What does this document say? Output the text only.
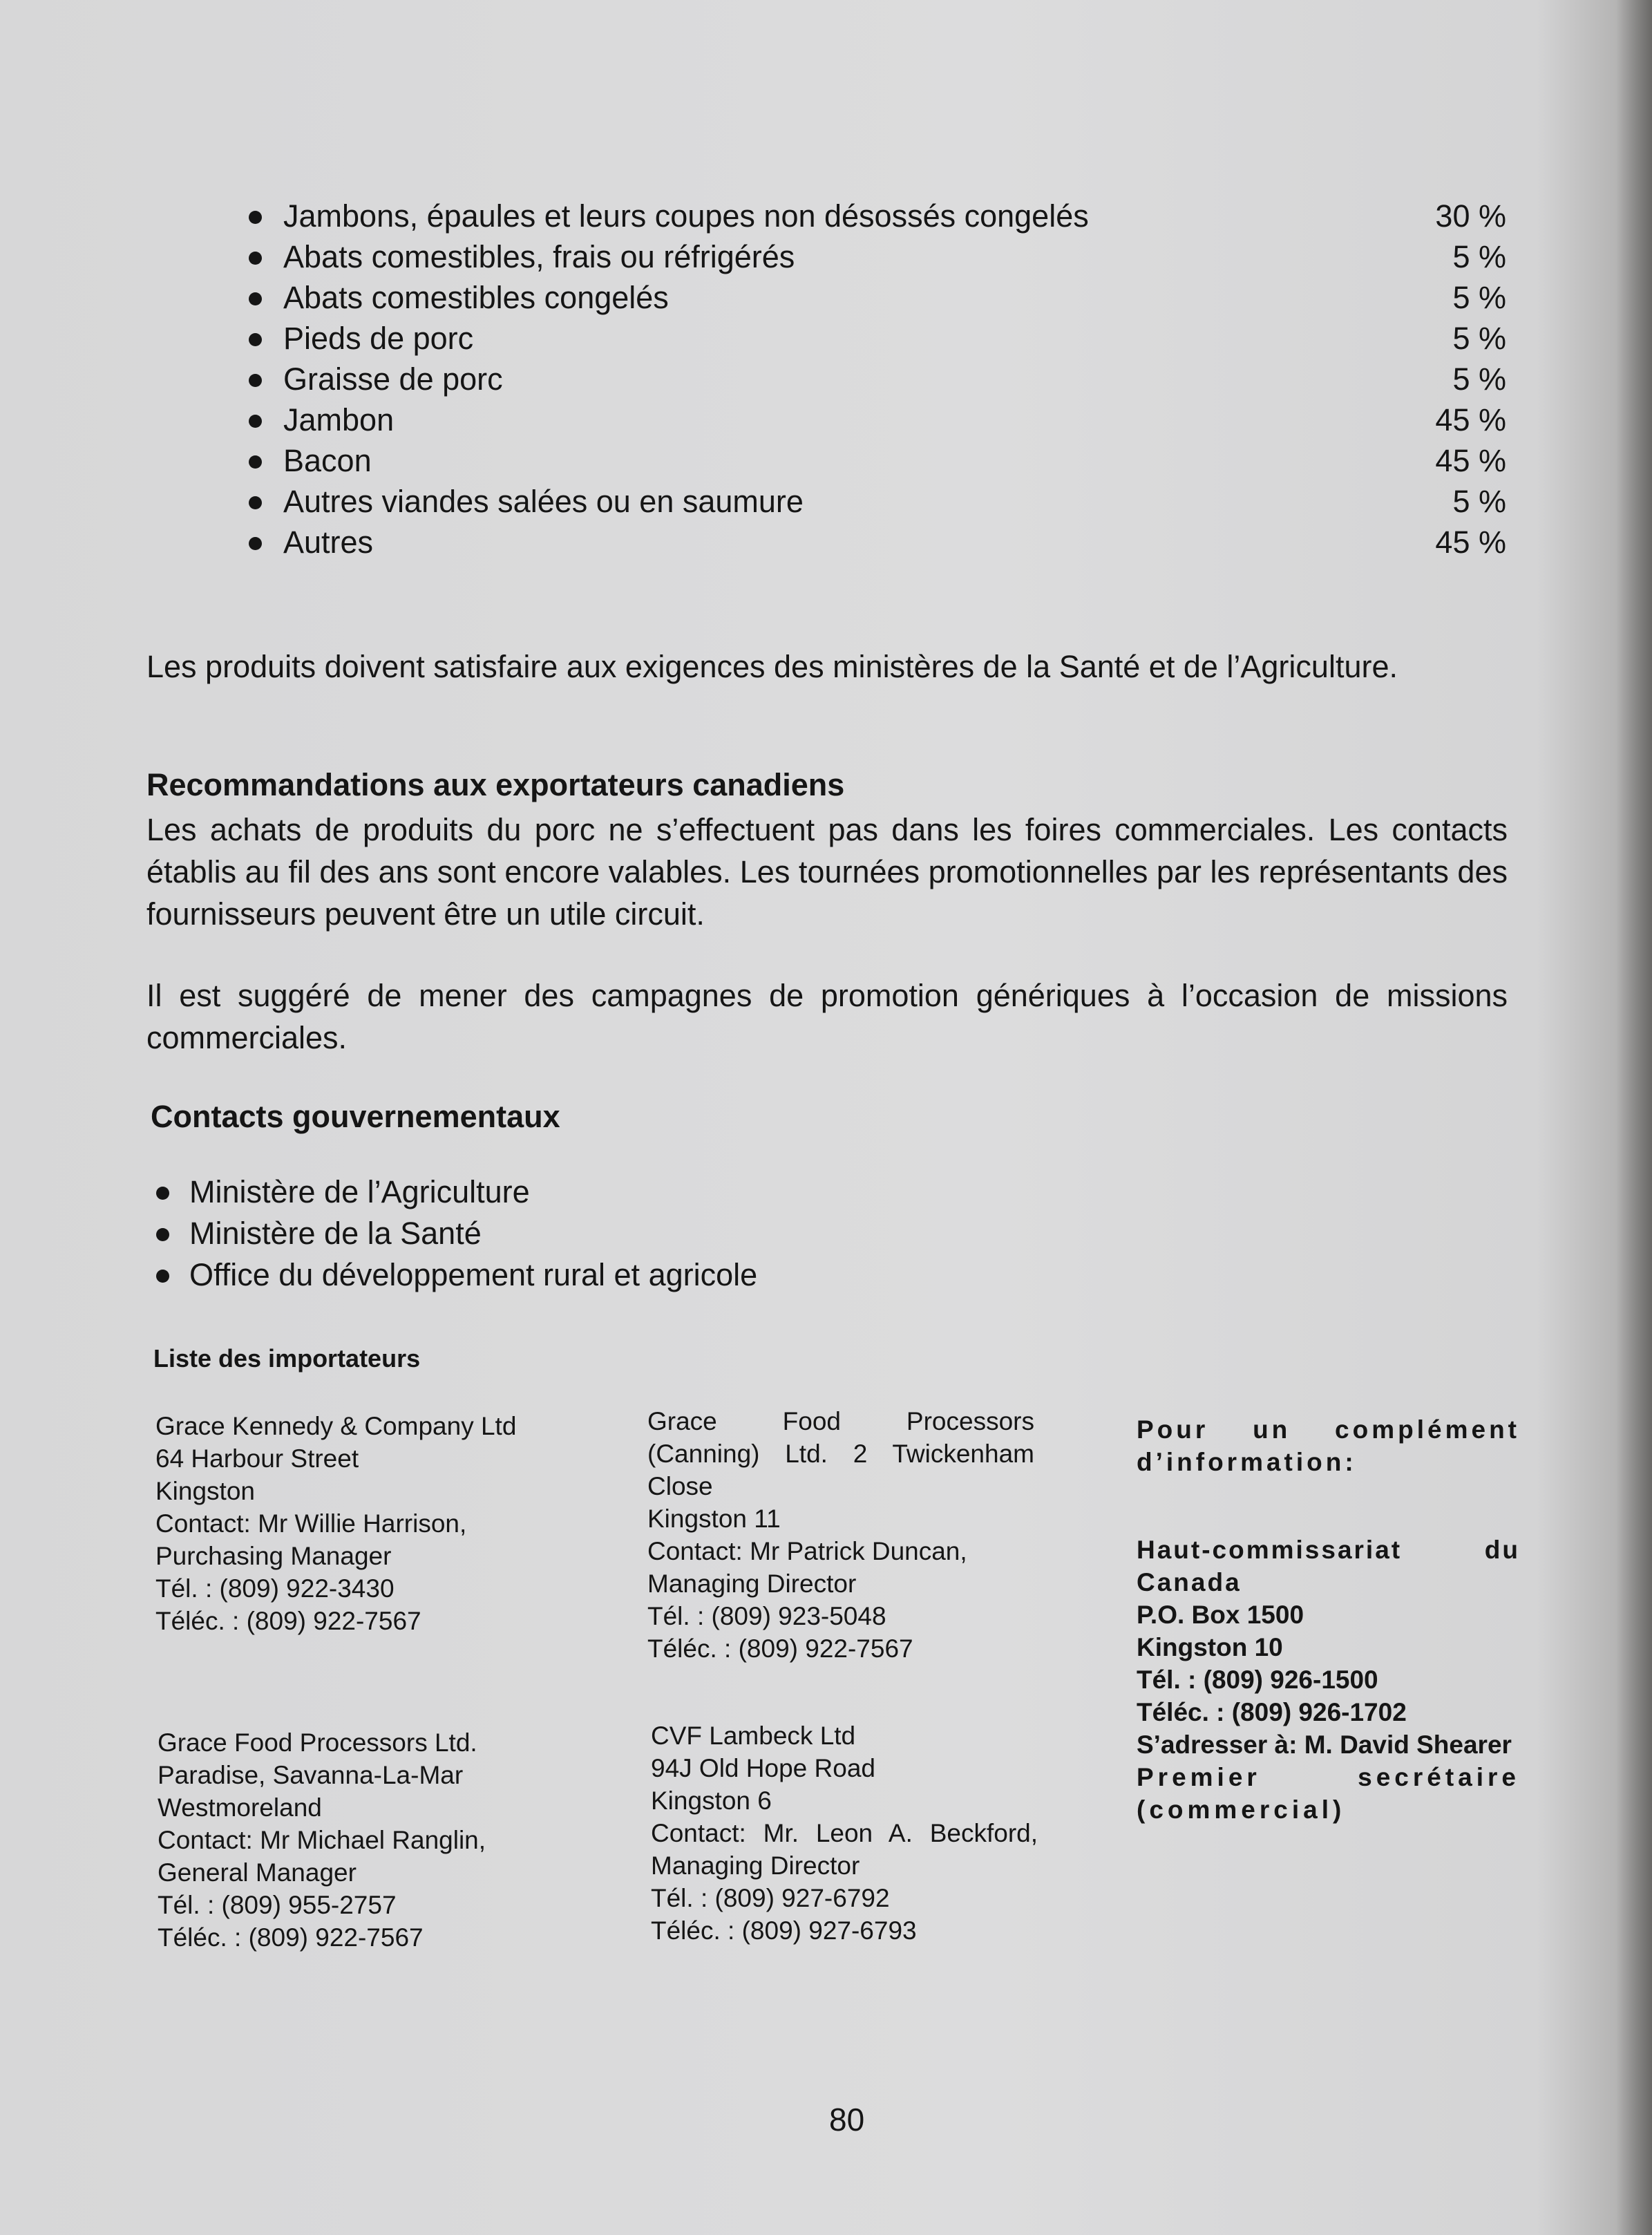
Jambons, épaules et leurs coupes non désossés congelés	30 %
Abats comestibles, frais ou réfrigérés	5 %
Abats comestibles congelés	5 %
Pieds de porc	5 %
Graisse de porc	5 %
Jambon	45 %
Bacon	45 %
Autres viandes salées ou en saumure	5 %
Autres	45 %
Les produits doivent satisfaire aux exigences des ministères de la Santé et de l’Agriculture.
Recommandations aux exportateurs canadiens
Les achats de produits du porc ne s’effectuent pas dans les foires commerciales. Les contacts établis au fil des ans sont encore valables. Les tournées promotionnelles par les représentants des fournisseurs peuvent être un utile circuit.
Il est suggéré de mener des campagnes de promotion génériques à l’occasion de missions commerciales.
Contacts gouvernementaux
Ministère de l’Agriculture
Ministère de la Santé
Office du développement rural et agricole
Liste des importateurs
Grace Kennedy & Company Ltd
64 Harbour Street
Kingston
Contact: Mr Willie Harrison,
Purchasing Manager
Tél. : (809) 922-3430
Téléc. : (809) 922-7567
Grace Food Processors Ltd.
Paradise, Savanna-La-Mar
Westmoreland
Contact: Mr Michael Ranglin,
General Manager
Tél. : (809) 955-2757
Téléc. : (809) 922-7567
Grace Food Processors (Canning) Ltd. 2 Twickenham Close
Kingston 11
Contact: Mr Patrick Duncan,
Managing Director
Tél. : (809) 923-5048
Téléc. : (809) 922-7567
CVF Lambeck Ltd
94J Old Hope Road
Kingston 6
Contact: Mr. Leon A. Beckford, Managing Director
Tél. : (809) 927-6792
Téléc. : (809) 927-6793
Pour un complément d’information:
Haut-commissariat du Canada
P.O. Box 1500
Kingston 10
Tél. : (809) 926-1500
Téléc. : (809) 926-1702
S’adresser à: M. David Shearer
Premier secrétaire (commercial)
80
